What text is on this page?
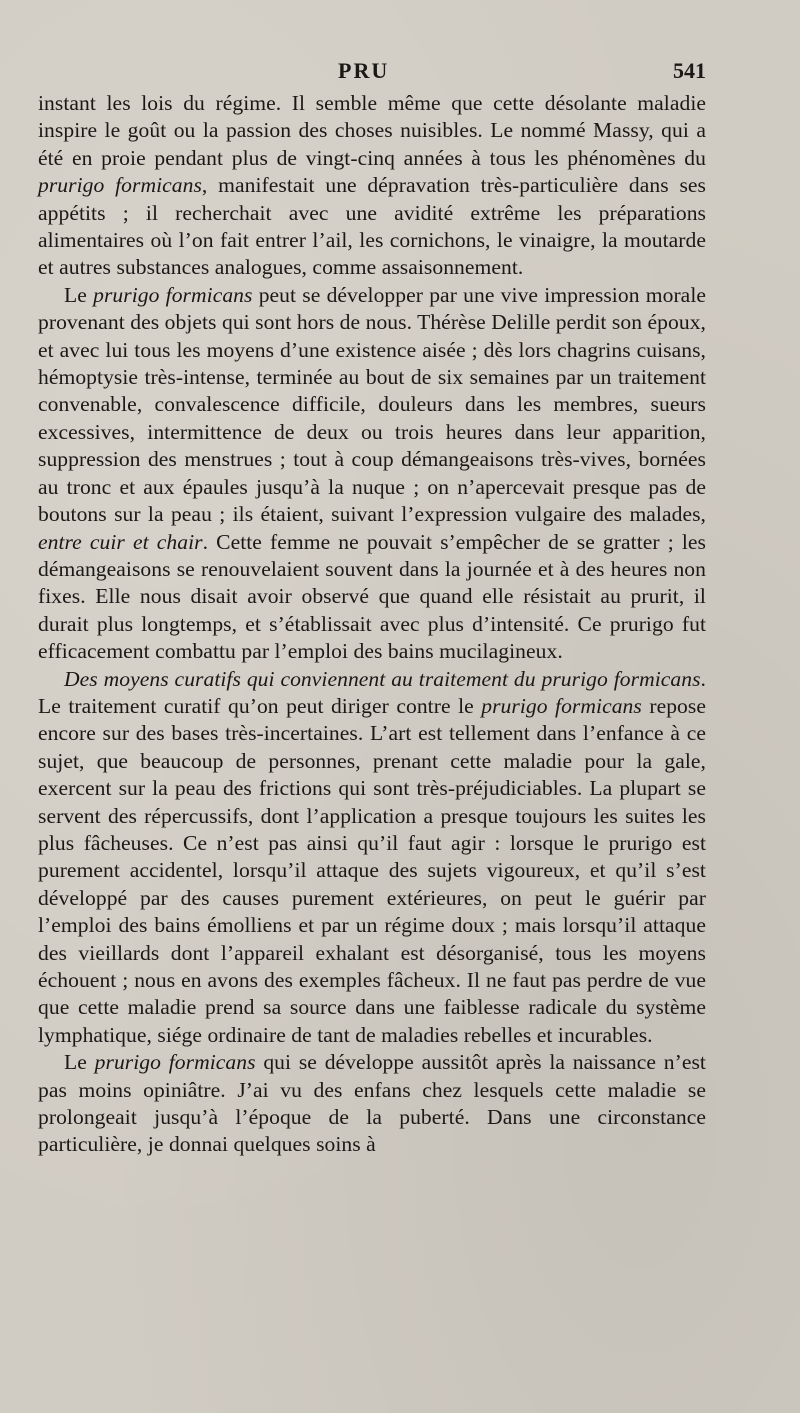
PRU	541

instant les lois du régime. Il semble même que cette désolante maladie inspire le goût ou la passion des choses nuisibles. Le nommé Massy, qui a été en proie pendant plus de vingt-cinq années à tous les phénomènes du prurigo formicans, manifestait une dépravation très-particulière dans ses appétits ; il recherchait avec une avidité extrême les préparations alimentaires où l’on fait entrer l’ail, les cornichons, le vinaigre, la moutarde et autres substances analogues, comme assaisonnement.

Le prurigo formicans peut se développer par une vive impression morale provenant des objets qui sont hors de nous. Thérèse Delille perdit son époux, et avec lui tous les moyens d’une existence aisée ; dès lors chagrins cuisans, hémoptysie très-intense, terminée au bout de six semaines par un traitement convenable, convalescence difficile, douleurs dans les membres, sueurs excessives, intermittence de deux ou trois heures dans leur apparition, suppression des menstrues ; tout à coup démangeaisons très-vives, bornées au tronc et aux épaules jusqu’à la nuque ; on n’apercevait presque pas de boutons sur la peau ; ils étaient, suivant l’expression vulgaire des malades, entre cuir et chair. Cette femme ne pouvait s’empêcher de se gratter ; les démangeaisons se renouvelaient souvent dans la journée et à des heures non fixes. Elle nous disait avoir observé que quand elle résistait au prurit, il durait plus longtemps, et s’établissait avec plus d’intensité. Ce prurigo fut efficacement combattu par l’emploi des bains mucilagineux.

Des moyens curatifs qui conviennent au traitement du prurigo formicans. Le traitement curatif qu’on peut diriger contre le prurigo formicans repose encore sur des bases très-incertaines. L’art est tellement dans l’enfance à ce sujet, que beaucoup de personnes, prenant cette maladie pour la gale, exercent sur la peau des frictions qui sont très-préjudiciables. La plupart se servent des répercussifs, dont l’application a presque toujours les suites les plus fâcheuses. Ce n’est pas ainsi qu’il faut agir : lorsque le prurigo est purement accidentel, lorsqu’il attaque des sujets vigoureux, et qu’il s’est développé par des causes purement extérieures, on peut le guérir par l’emploi des bains émolliens et par un régime doux ; mais lorsqu’il attaque des vieillards dont l’appareil exhalant est désorganisé, tous les moyens échouent ; nous en avons des exemples fâcheux. Il ne faut pas perdre de vue que cette maladie prend sa source dans une faiblesse radicale du système lymphatique, siége ordinaire de tant de maladies rebelles et incurables.

Le prurigo formicans qui se développe aussitôt après la naissance n’est pas moins opiniâtre. J’ai vu des enfans chez lesquels cette maladie se prolongeait jusqu’à l’époque de la puberté. Dans une circonstance particulière, je donnai quelques soins à
